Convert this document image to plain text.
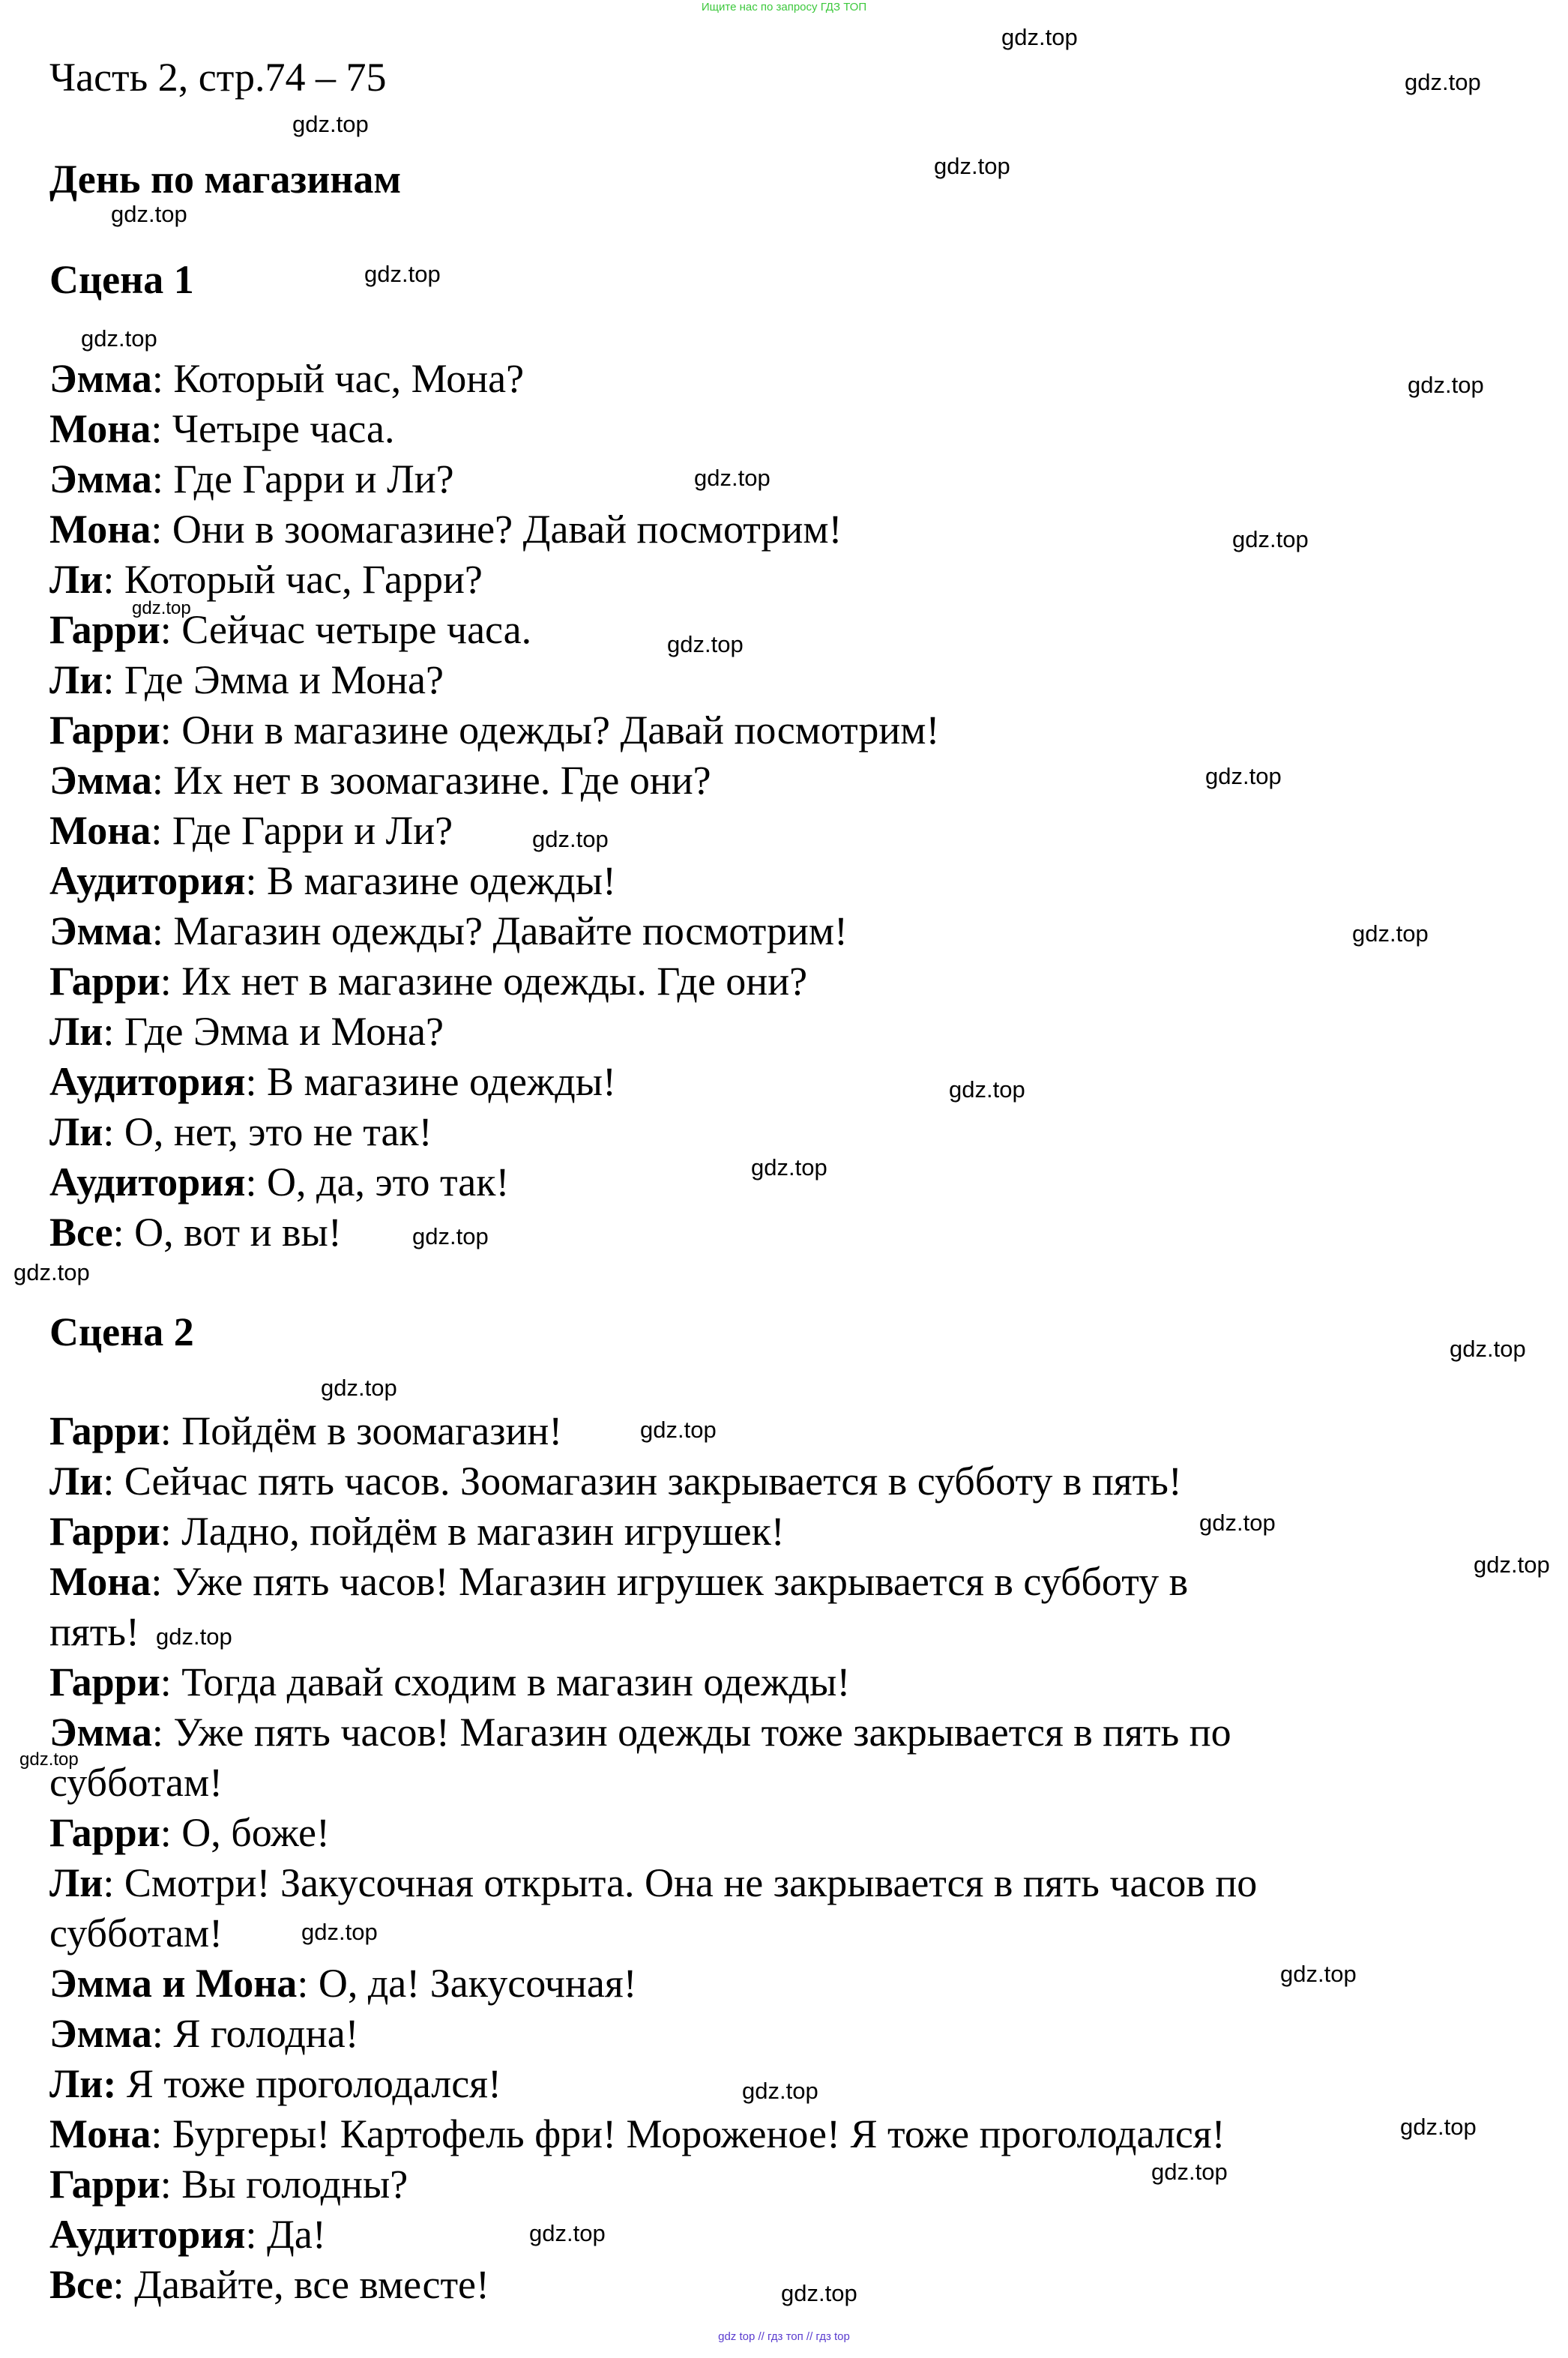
Ищите нас по запросу ГДЗ ТОП
Часть 2, стр.74 – 75
День по магазинам
Сцена 1
Эмма: Который час, Мона?
Мона: Четыре часа.
Эмма: Где Гарри и Ли?
Мона: Они в зоомагазине? Давай посмотрим!
Ли: Который час, Гарри?
Гарри: Сейчас четыре часа.
Ли: Где Эмма и Мона?
Гарри: Они в магазине одежды? Давай посмотрим!
Эмма: Их нет в зоомагазине. Где они?
Мона: Где Гарри и Ли?
Аудитория: В магазине одежды!
Эмма: Магазин одежды? Давайте посмотрим!
Гарри: Их нет в магазине одежды. Где они?
Ли: Где Эмма и Мона?
Аудитория: В магазине одежды!
Ли: О, нет, это не так!
Аудитория: О, да, это так!
Все: О, вот и вы!
Сцена 2
Гарри: Пойдём в зоомагазин!
Ли: Сейчас пять часов. Зоомагазин закрывается в субботу в пять!
Гарри: Ладно, пойдём в магазин игрушек!
Мона: Уже пять часов! Магазин игрушек закрывается в субботу в
пять!
Гарри: Тогда давай сходим в магазин одежды!
Эмма: Уже пять часов! Магазин одежды тоже закрывается в пять по
субботам!
Гарри: О, боже!
Ли: Смотри! Закусочная открыта. Она не закрывается в пять часов по
субботам!
Эмма и Мона: О, да! Закусочная!
Эмма: Я голодна!
Ли: Я тоже проголодался!
Мона: Бургеры! Картофель фри! Мороженое! Я тоже проголодался!
Гарри: Вы голодны?
Аудитория: Да!
Все: Давайте, все вместе!
gdz.top
gdz.top
gdz.top
gdz.top
gdz.top
gdz.top
gdz.top
gdz.top
gdz.top
gdz.top
gdz.top
gdz.top
gdz.top
gdz.top
gdz.top
gdz.top
gdz.top
gdz.top
gdz.top
gdz.top
gdz.top
gdz.top
gdz.top
gdz.top
gdz.top
gdz.top
gdz.top
gdz.top
gdz.top
gdz.top
gdz.top
gdz.top
gdz.top
gdz top // гдз топ // гдз top
